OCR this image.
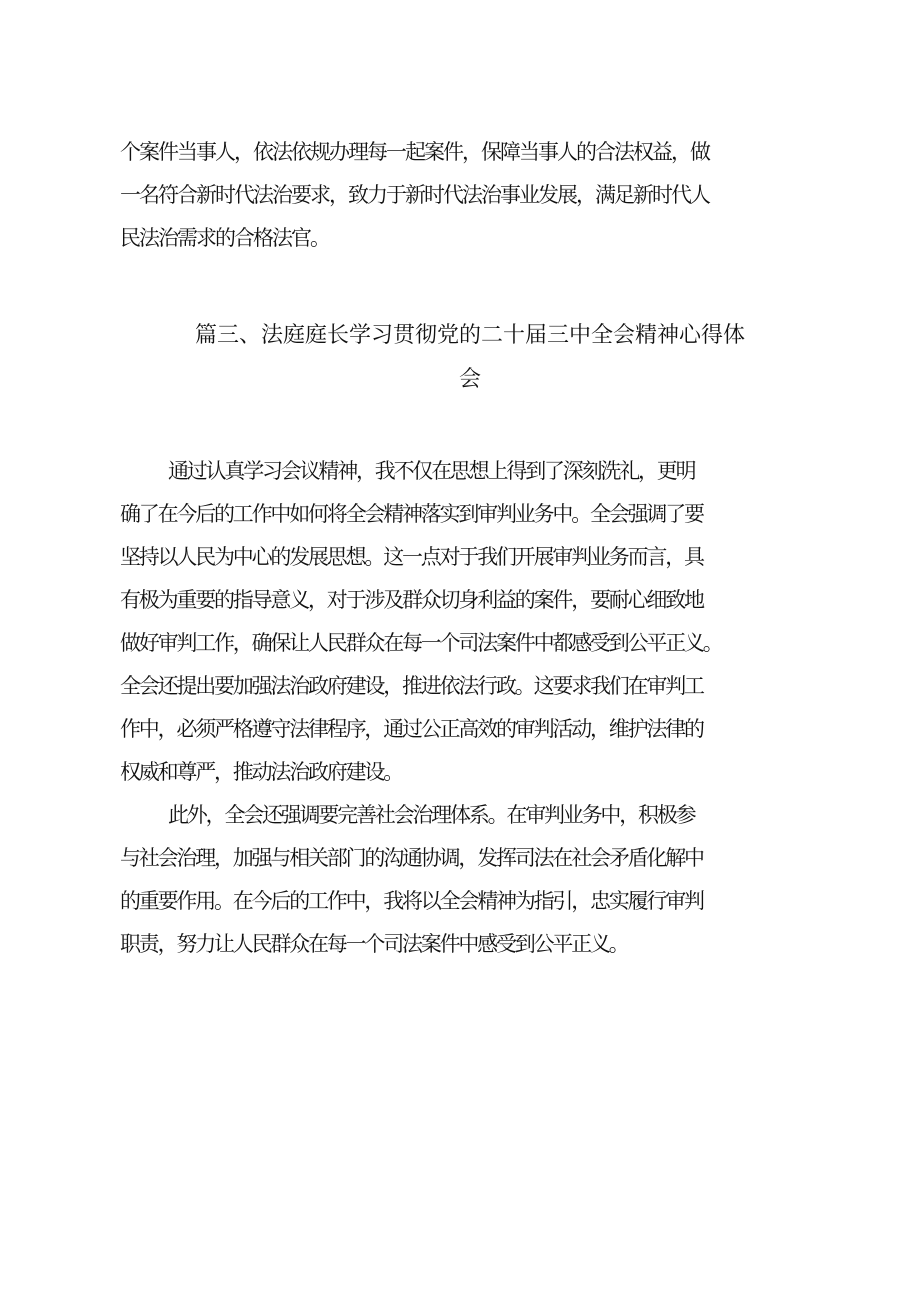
个案件当事人，依法依规办理每一起案件，保障当事人的合法权益，做
一名符合新时代法治要求，致力于新时代法治事业发展，满足新时代人
民法治需求的合格法官。
篇三、法庭庭长学习贯彻党的二十届三中全会精神心得体
会
通过认真学习会议精神，我不仅在思想上得到了深刻洗礼，更明
确了在今后的工作中如何将全会精神落实到审判业务中。全会强调了要
坚持以人民为中心的发展思想。这一点对于我们开展审判业务而言，具
有极为重要的指导意义，对于涉及群众切身利益的案件，要耐心细致地
做好审判工作，确保让人民群众在每一个司法案件中都感受到公平正义。
全会还提出要加强法治政府建设，推进依法行政。这要求我们在审判工
作中，必须严格遵守法律程序，通过公正高效的审判活动，维护法律的
权威和尊严，推动法治政府建设。
此外，全会还强调要完善社会治理体系。在审判业务中，积极参
与社会治理，加强与相关部门的沟通协调，发挥司法在社会矛盾化解中
的重要作用。在今后的工作中，我将以全会精神为指引，忠实履行审判
职责，努力让人民群众在每一个司法案件中感受到公平正义。
